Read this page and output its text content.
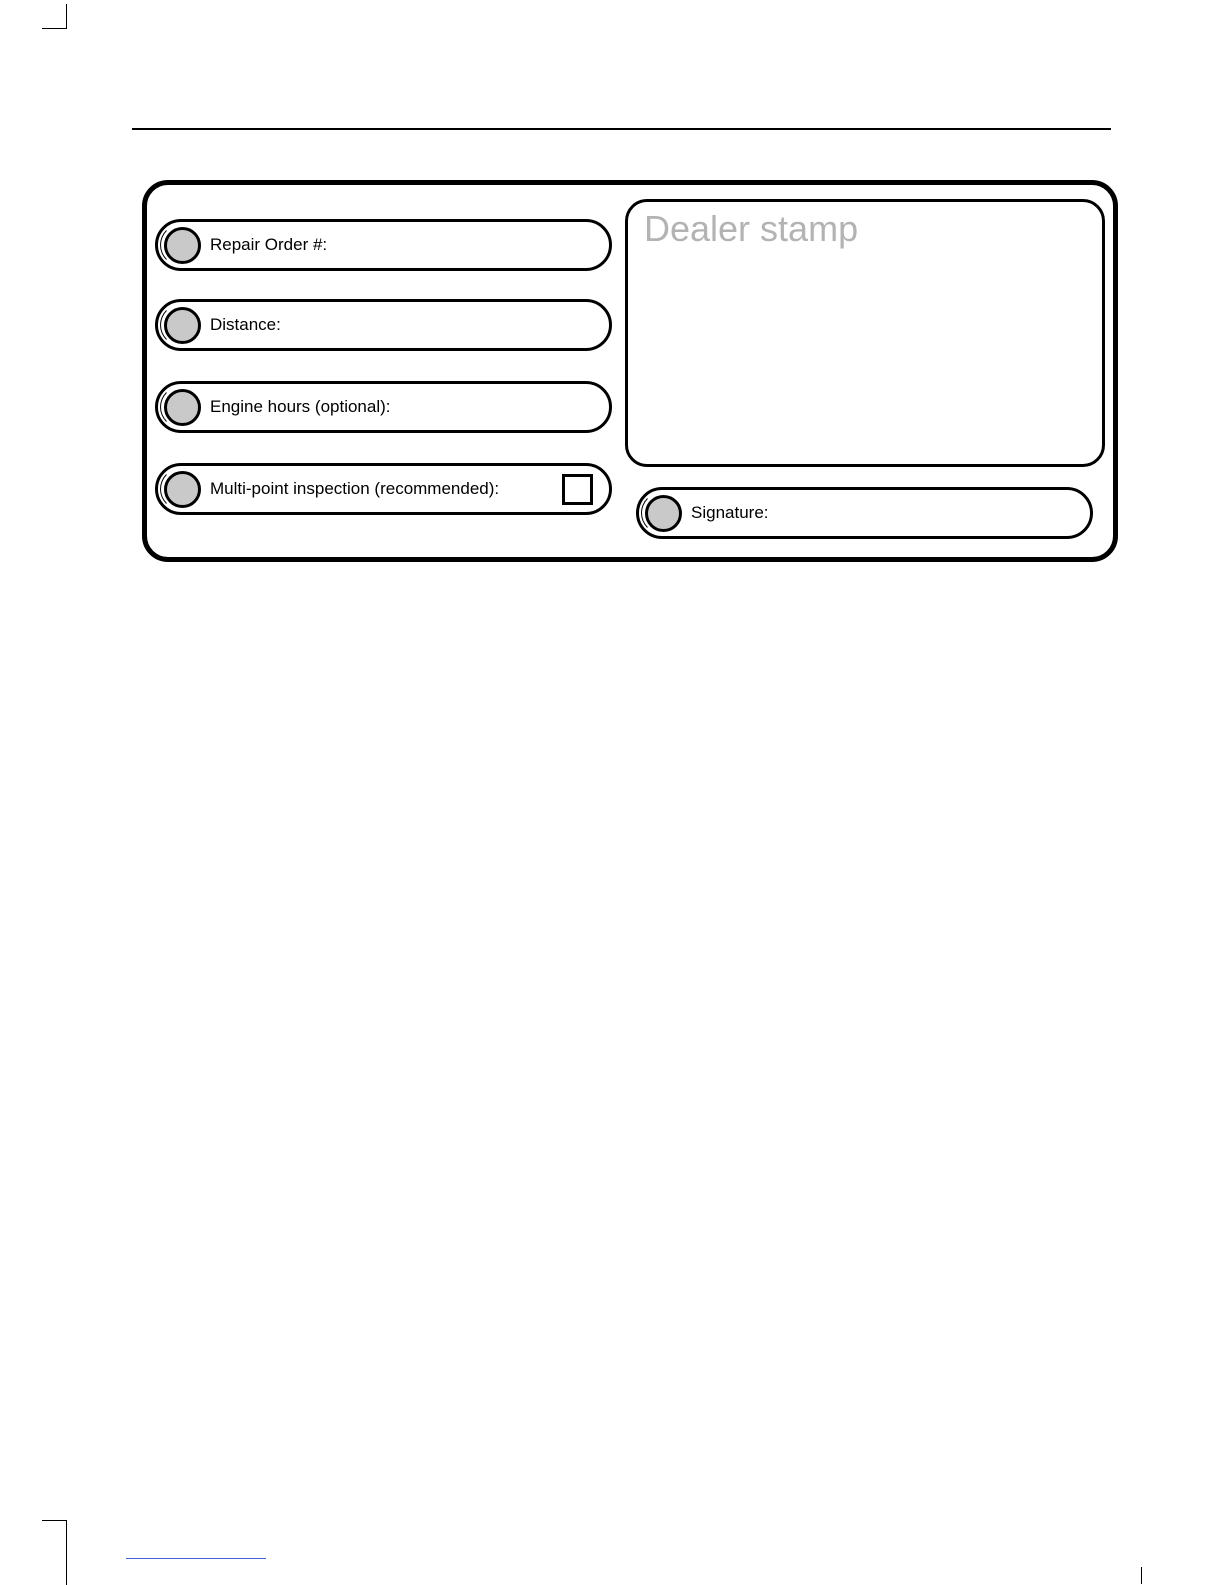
Repair Order #:
Distance:
Engine hours (optional):
Multi-point inspection (recommended):
Dealer stamp
Signature:
